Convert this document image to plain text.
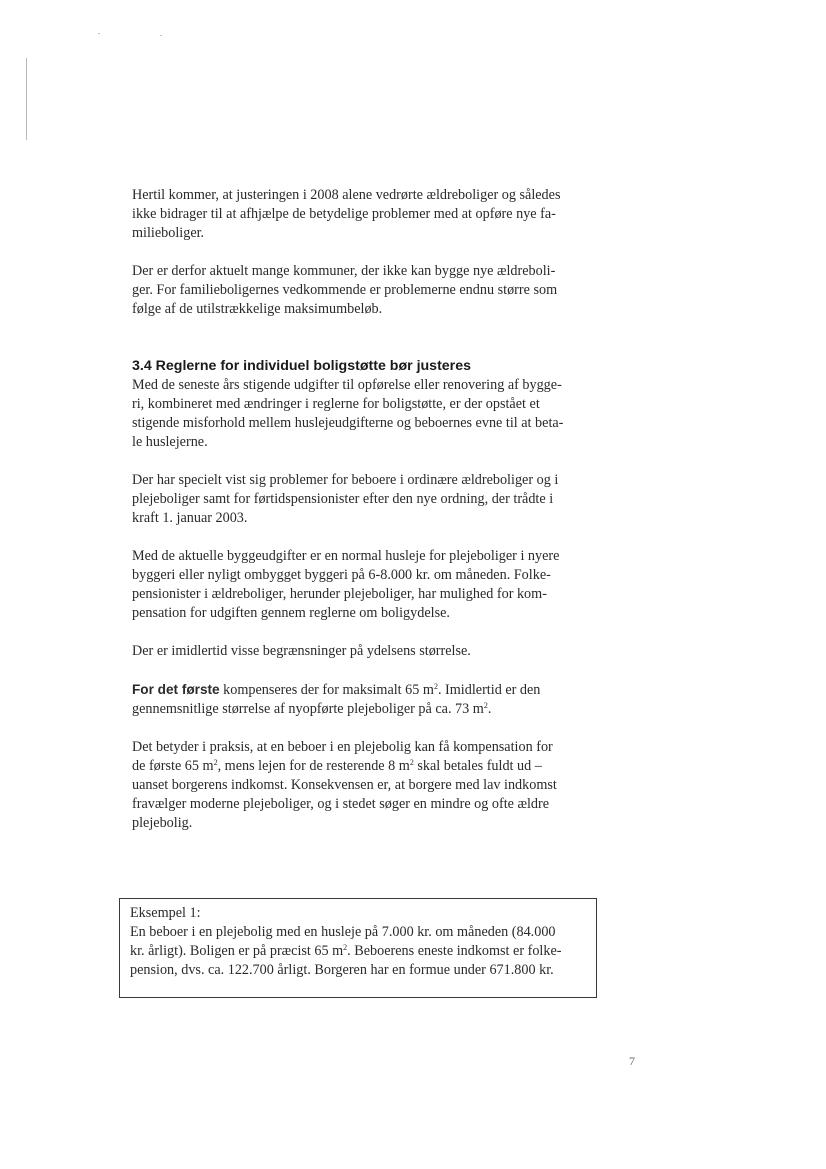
Hertil kommer, at justeringen i 2008 alene vedrørte ældreboliger og således
ikke bidrager til at afhjælpe de betydelige problemer med at opføre nye fa-
milieboliger.

Der er derfor aktuelt mange kommuner, der ikke kan bygge nye ældreboli-
ger. For familieboligernes vedkommende er problemerne endnu større som
følge af de utilstrækkelige maksimumbeløb.

3.4 Reglerne for individuel boligstøtte bør justeres

Med de seneste års stigende udgifter til opførelse eller renovering af bygge-
ri, kombineret med ændringer i reglerne for boligstøtte, er der opstået et
stigende misforhold mellem huslejeudgifterne og beboernes evne til at beta-
le huslejerne.

Der har specielt vist sig problemer for beboere i ordinære ældreboliger og i
plejeboliger samt for førtidspensionister efter den nye ordning, der trådte i
kraft 1. januar 2003.

Med de aktuelle byggeudgifter er en normal husleje for plejeboliger i nyere
byggeri eller nyligt ombygget byggeri på 6-8.000 kr. om måneden. Folke-
pensionister i ældreboliger, herunder plejeboliger, har mulighed for kom-
pensation for udgiften gennem reglerne om boligydelse.

Der er imidlertid visse begrænsninger på ydelsens størrelse.

For det første kompenseres der for maksimalt 65 $m^2$. Imidlertid er den
gennemsnitlige størrelse af nyopførte plejeboliger på ca. 73 $m^2$.

Det betyder i praksis, at en beboer i en plejebolig kan få kompensation for
de første 65 $m^2$, mens lejen for de resterende 8 $m^2$ skal betales fuldt ud –
uanset borgerens indkomst. Konsekvensen er, at borgere med lav indkomst
fravælger moderne plejeboliger, og i stedet søger en mindre og ofte ældre
plejebolig.

Eksempel 1:
En beboer i en plejebolig med en husleje på 7.000 kr. om måneden (84.000
kr. årligt). Boligen er på præcist 65 $m^2$. Beboerens eneste indkomst er folke-
pension, dvs. ca. 122.700 årligt. Borgeren har en formue under 671.800 kr.
7
